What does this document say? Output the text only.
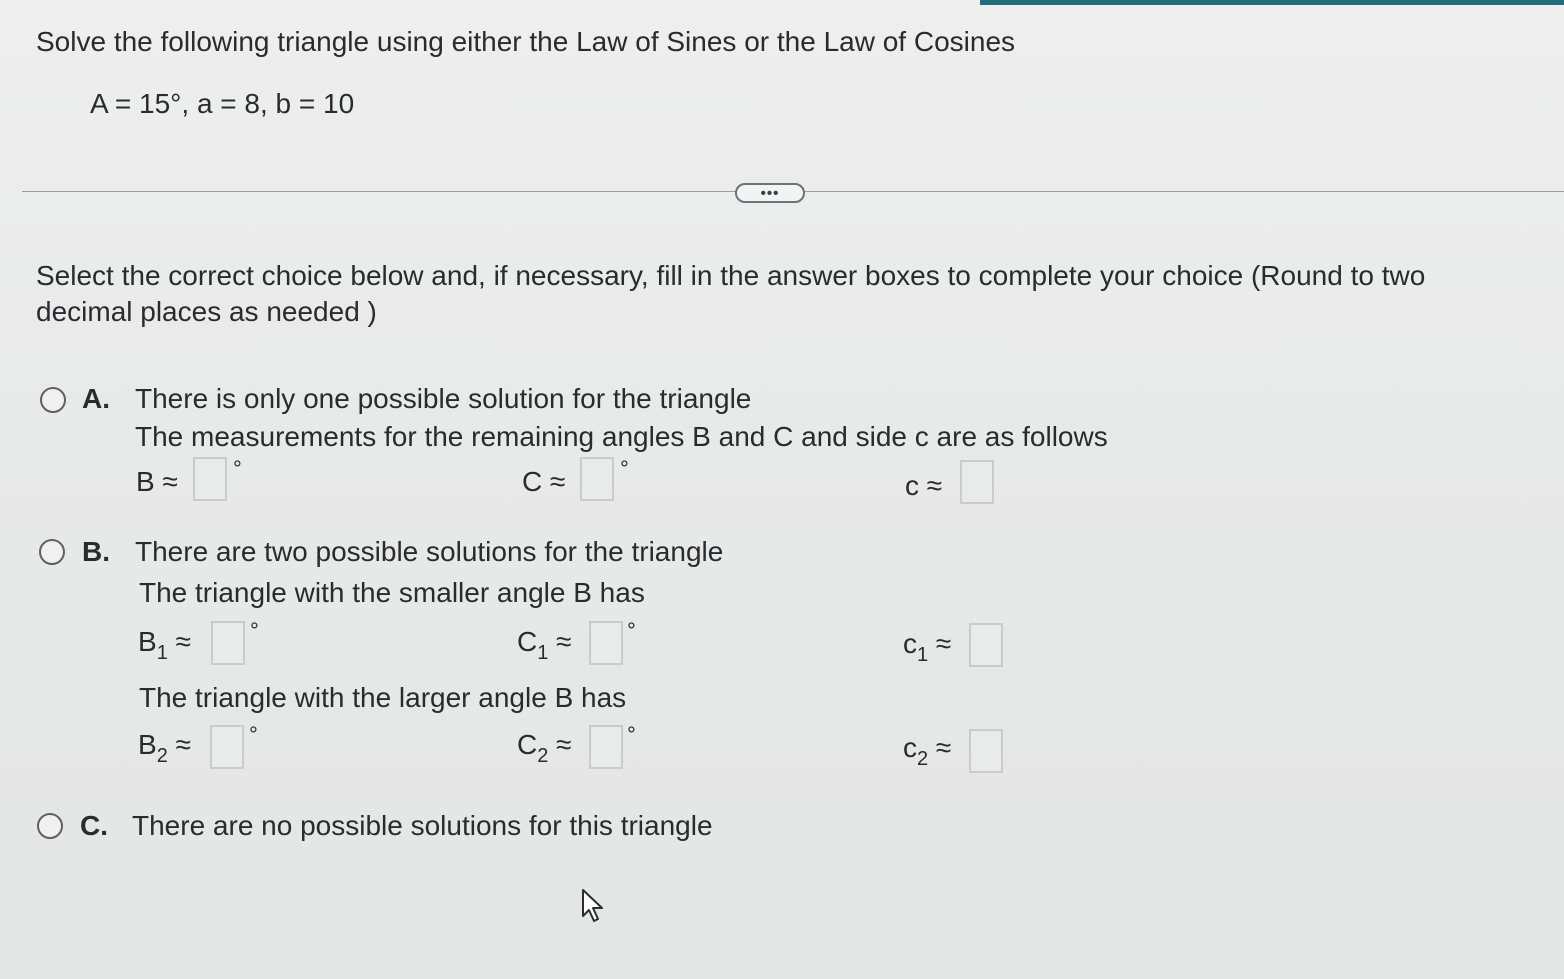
Solve the following triangle using either the Law of Sines or the Law of Cosines
A = 15°, a = 8, b = 10
•••
Select the correct choice below and, if necessary, fill in the answer boxes to complete your choice (Round to two
decimal places as needed )
A. There is only one possible solution for the triangle
The measurements for the remaining angles B and C and side c are as follows
B ≈	°	C ≈ °
c ≈
B. There are two possible solutions for the triangle
The triangle with the smaller angle B has
$B_1$ ≈	°	$C_1$ ≈	°	$c_1$ ≈
The triangle with the larger angle B has
$B_2$ ≈	°	$C_2$ ≈	°	$c_2$ ≈
C. There are no possible solutions for this triangle
